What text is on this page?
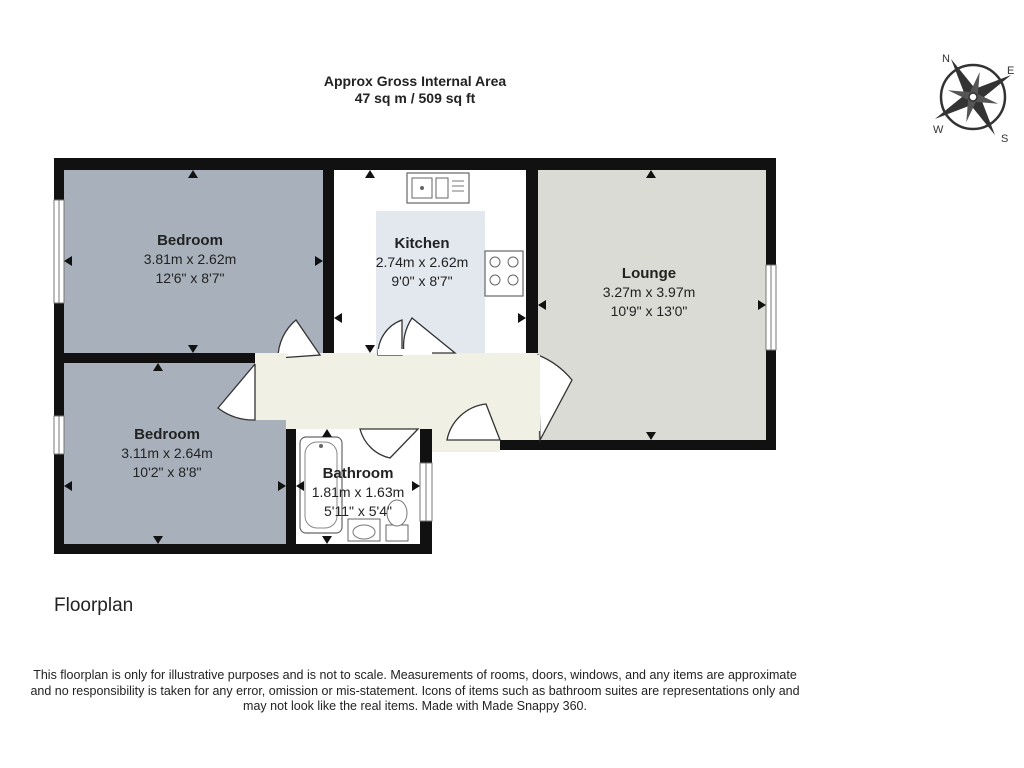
Approx Gross Internal Area
47 sq m / 509 sq ft
N
E
S
W
Bedroom
3.81m x 2.62m
12'6" x 8'7"
Kitchen
2.74m x 2.62m
9'0" x 8'7"	Lounge
3.27m x 3.97m
10'9" x 13'0"
Bedroom
3.11m x 2.64m
10'2" x 8'8"	Bathroom
1.81m x 1.63m
5'11" x 5'4"
Floorplan
This floorplan is only for illustrative purposes and is not to scale. Measurements of rooms, doors, windows, and any items are approximate
and no responsibility is taken for any error, omission or mis-statement. Icons of items such as bathroom suites are representations only and
may not look like the real items. Made with Made Snappy 360.
